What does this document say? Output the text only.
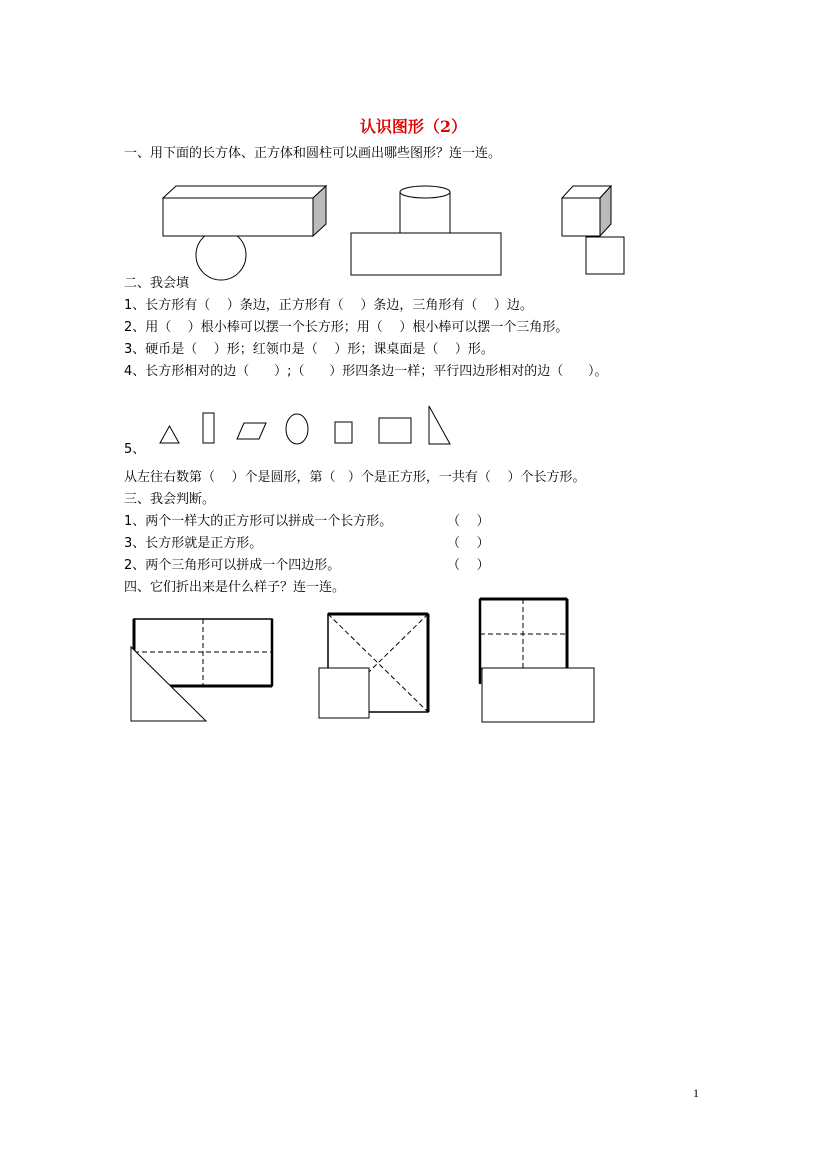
认识图形（2）
一、用下面的长方体、正方体和圆柱可以画出哪些图形？连一连。
二、我会填
1、长方形有（    ）条边，正方形有（    ）条边，三角形有（    ）边。
2、用（    ）根小棒可以摆一个长方形；用（    ）根小棒可以摆一个三角形。
3、硬币是（    ）形；红领巾是（    ）形；课桌面是（    ）形。
4、长方形相对的边（      ）;（      ）形四条边一样；平行四边形相对的边（      ）。
5、
从左往右数第（    ）个是圆形，第（   ）个是正方形，一共有（    ）个长方形。
三、我会判断。
1、两个一样大的正方形可以拼成一个长方形。	（    ）
3、长方形就是正方形。	（    ）
2、两个三角形可以拼成一个四边形。	（    ）
四、它们折出来是什么样子？连一连。
1
